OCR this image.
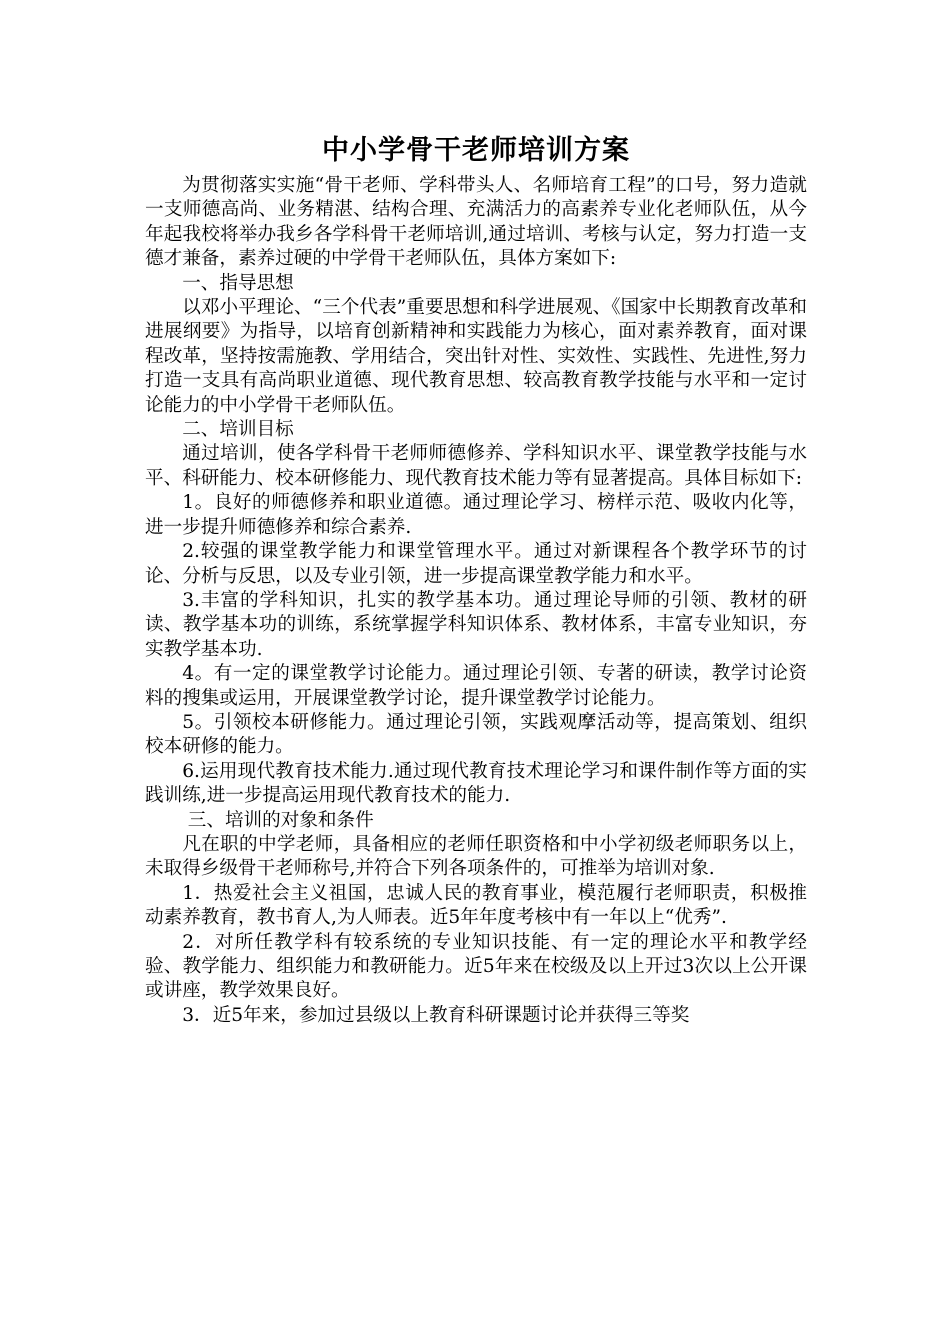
中小学骨干老师培训方案

为贯彻落实实施“骨干老师、学科带头人、名师培育工程”的口号，努力造就一支师德高尚、业务精湛、结构合理、充满活力的高素养专业化老师队伍，从今年起我校将举办我乡各学科骨干老师培训,通过培训、考核与认定，努力打造一支德才兼备，素养过硬的中学骨干老师队伍，具体方案如下:

一、指导思想

以邓小平理论、“三个代表”重要思想和科学进展观、《国家中长期教育改革和进展纲要》为指导，以培育创新精神和实践能力为核心，面对素养教育，面对课程改革，坚持按需施教、学用结合，突出针对性、实效性、实践性、先进性,努力打造一支具有高尚职业道德、现代教育思想、较高教育教学技能与水平和一定讨论能力的中小学骨干老师队伍。

二、培训目标

通过培训，使各学科骨干老师师德修养、学科知识水平、课堂教学技能与水平、科研能力、校本研修能力、现代教育技术能力等有显著提高。具体目标如下:

1。良好的师德修养和职业道德。通过理论学习、榜样示范、吸收内化等，进一步提升师德修养和综合素养.

2.较强的课堂教学能力和课堂管理水平。通过对新课程各个教学环节的讨论、分析与反思，以及专业引领，进一步提高课堂教学能力和水平。

3.丰富的学科知识，扎实的教学基本功。通过理论导师的引领、教材的研读、教学基本功的训练，系统掌握学科知识体系、教材体系，丰富专业知识，夯实教学基本功.

4。有一定的课堂教学讨论能力。通过理论引领、专著的研读，教学讨论资料的搜集或运用，开展课堂教学讨论，提升课堂教学讨论能力。

5。引领校本研修能力。通过理论引领，实践观摩活动等，提高策划、组织校本研修的能力。

6.运用现代教育技术能力.通过现代教育技术理论学习和课件制作等方面的实践训练,进一步提高运用现代教育技术的能力.

三、培训的对象和条件

凡在职的中学老师，具备相应的老师任职资格和中小学初级老师职务以上，未取得乡级骨干老师称号,并符合下列各项条件的，可推举为培训对象.

1．热爱社会主义祖国，忠诚人民的教育事业，模范履行老师职责，积极推动素养教育，教书育人,为人师表。近5年年度考核中有一年以上“优秀”.

2．对所任教学科有较系统的专业知识技能、有一定的理论水平和教学经验、教学能力、组织能力和教研能力。近5年来在校级及以上开过3次以上公开课或讲座，教学效果良好。

3．近5年来，参加过县级以上教育科研课题讨论并获得三等奖
